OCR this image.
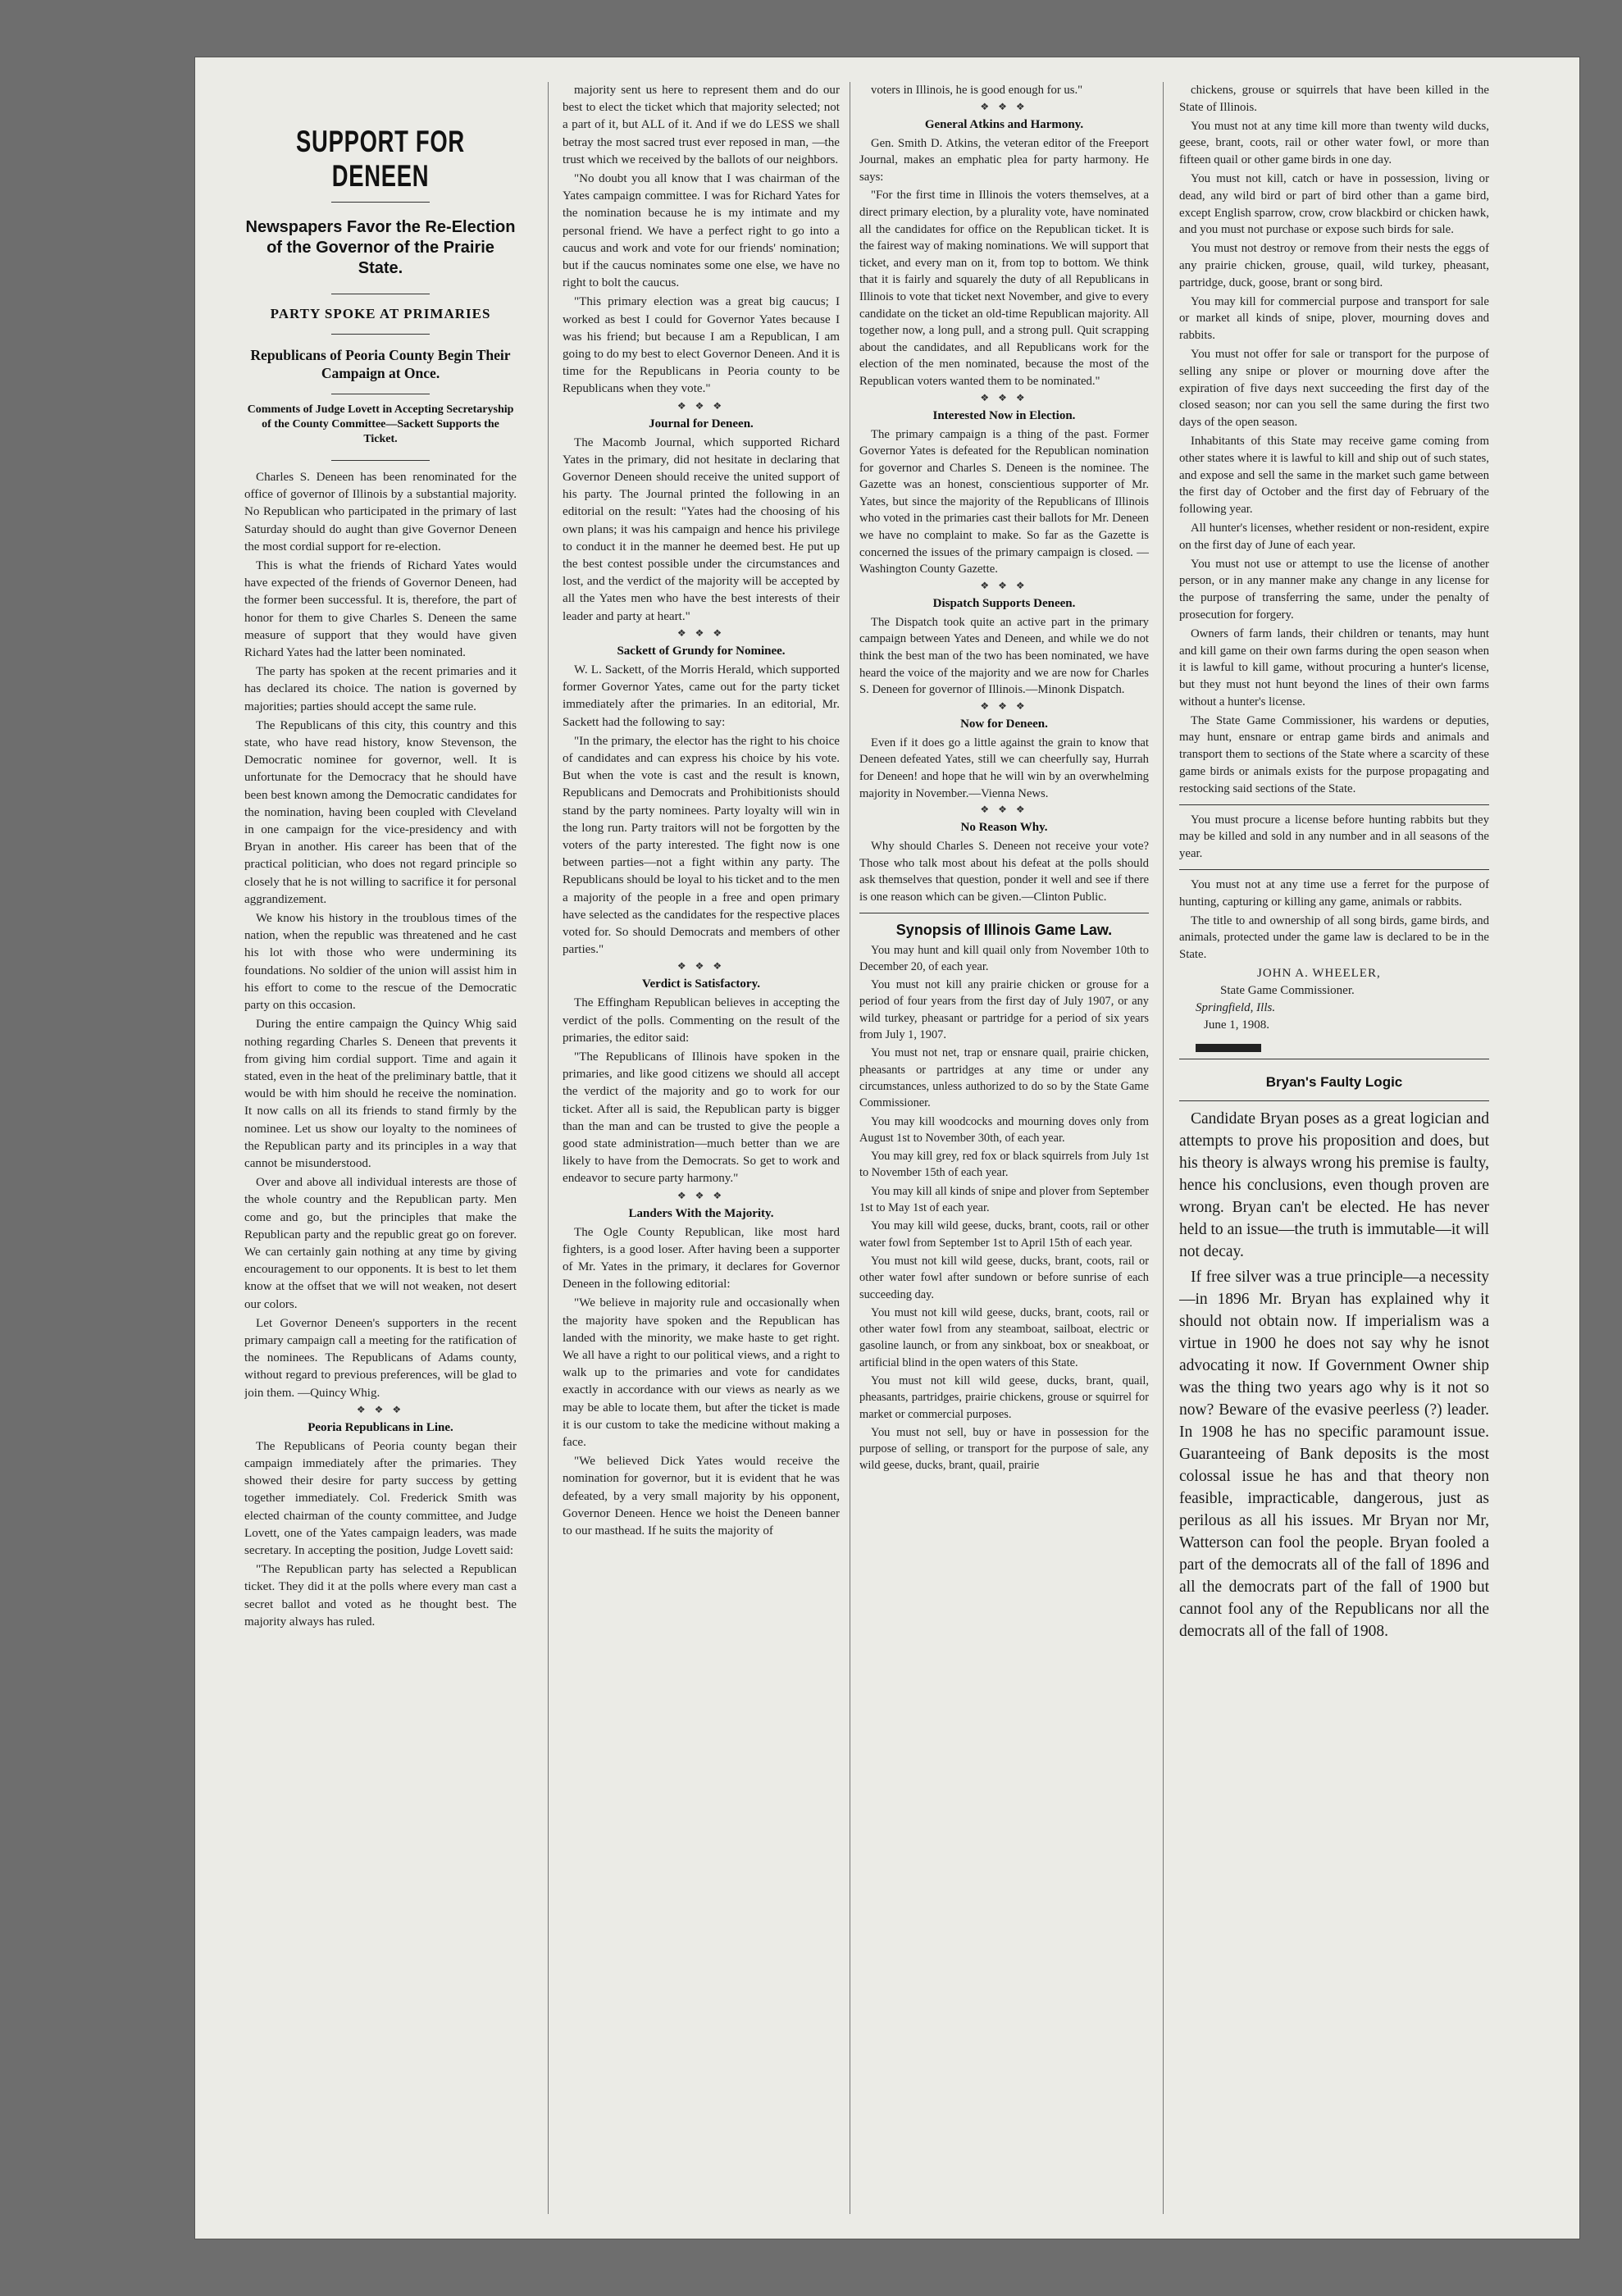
SUPPORT FOR DENEEN
Newspapers Favor the Re-Election of the Governor of the Prairie State.
PARTY SPOKE AT PRIMARIES
Republicans of Peoria County Begin Their Campaign at Once.
Comments of Judge Lovett in Accepting Secretaryship of the County Committee—Sackett Supports the Ticket.

Charles S. Deneen has been renominated for the office of governor of Illinois by a substantial majority. No Republican who participated in the primary of last Saturday should do aught than give Governor Deneen the most cordial support for re-election.

This is what the friends of Richard Yates would have expected of the friends of Governor Deneen, had the former been successful. It is, therefore, the part of honor for them to give Charles S. Deneen the same measure of support that they would have given Richard Yates had the latter been nominated.

The party has spoken at the recent primaries and it has declared its choice. The nation is governed by majorities; parties should accept the same rule.

The Republicans of this city, this country and this state, who have read history, know Stevenson, the Democratic nominee for governor, well. It is unfortunate for the Democracy that he should have been best known among the Democratic candidates for the nomination, having been coupled with Cleveland in one campaign for the vice-presidency and with Bryan in another. His career has been that of the practical politician, who does not regard principle so closely that he is not willing to sacrifice it for personal aggrandizement.

We know his history in the troublous times of the nation, when the republic was threatened and he cast his lot with those who were undermining its foundations. No soldier of the union will assist him in his effort to come to the rescue of the Democratic party on this occasion.

During the entire campaign the Quincy Whig said nothing regarding Charles S. Deneen that prevents it from giving him cordial support. Time and again it stated, even in the heat of the preliminary battle, that it would be with him should he receive the nomination. It now calls on all its friends to stand firmly by the nominee. Let us show our loyalty to the nominees of the Republican party and its principles in a way that cannot be misunderstood.

Over and above all individual interests are those of the whole country and the Republican party. Men come and go, but the principles that make the Republican party and the republic great go on forever. We can certainly gain nothing at any time by giving encouragement to our opponents. It is best to let them know at the offset that we will not weaken, not desert our colors.

Let Governor Deneen's supporters in the recent primary campaign call a meeting for the ratification of the nominees. The Republicans of Adams county, without regard to previous preferences, will be glad to join them. —Quincy Whig.

❖ ❖ ❖
Peoria Republicans in Line.

The Republicans of Peoria county began their campaign immediately after the primaries. They showed their desire for party success by getting together immediately. Col. Frederick Smith was elected chairman of the county committee, and Judge Lovett, one of the Yates campaign leaders, was made secretary. In accepting the position, Judge Lovett said:

"The Republican party has selected a Republican ticket. They did it at the polls where every man cast a secret ballot and voted as he thought best. The majority always has ruled.

majority sent us here to represent them and do our best to elect the ticket which that majority selected; not a part of it, but ALL of it. And if we do LESS we shall betray the most sacred trust ever reposed in man, —the trust which we received by the ballots of our neighbors.

"No doubt you all know that I was chairman of the Yates campaign committee. I was for Richard Yates for the nomination because he is my intimate and my personal friend. We have a perfect right to go into a caucus and work and vote for our friends' nomination; but if the caucus nominates some one else, we have no right to bolt the caucus.

"This primary election was a great big caucus; I worked as best I could for Governor Yates because I was his friend; but because I am a Republican, I am going to do my best to elect Governor Deneen. And it is time for the Republicans in Peoria county to be Republicans when they vote."

❖ ❖ ❖
Journal for Deneen.

The Macomb Journal, which supported Richard Yates in the primary, did not hesitate in declaring that Governor Deneen should receive the united support of his party. The Journal printed the following in an editorial on the result: "Yates had the choosing of his own plans; it was his campaign and hence his privilege to conduct it in the manner he deemed best. He put up the best contest possible under the circumstances and lost, and the verdict of the majority will be accepted by all the Yates men who have the best interests of their leader and party at heart."

❖ ❖ ❖
Sackett of Grundy for Nominee.

W. L. Sackett, of the Morris Herald, which supported former Governor Yates, came out for the party ticket immediately after the primaries. In an editorial, Mr. Sackett had the following to say:

"In the primary, the elector has the right to his choice of candidates and can express his choice by his vote. But when the vote is cast and the result is known, Republicans and Democrats and Prohibitionists should stand by the party nominees. Party loyalty will win in the long run. Party traitors will not be forgotten by the voters of the party interested. The fight now is one between parties—not a fight within any party. The Republicans should be loyal to his ticket and to the men a majority of the people in a free and open primary have selected as the candidates for the respective places voted for. So should Democrats and members of other parties."

❖ ❖ ❖
Verdict is Satisfactory.

The Effingham Republican believes in accepting the verdict of the polls. Commenting on the result of the primaries, the editor said:

"The Republicans of Illinois have spoken in the primaries, and like good citizens we should all accept the verdict of the majority and go to work for our ticket. After all is said, the Republican party is bigger than the man and can be trusted to give the people a good state administration—much better than we are likely to have from the Democrats. So get to work and endeavor to secure party harmony."

❖ ❖ ❖
Landers With the Majority.

The Ogle County Republican, like most hard fighters, is a good loser. After having been a supporter of Mr. Yates in the primary, it declares for Governor Deneen in the following editorial:

"We believe in majority rule and occasionally when the majority have spoken and the Republican has landed with the minority, we make haste to get right. We all have a right to our political views, and a right to walk up to the primaries and vote for candidates exactly in accordance with our views as nearly as we may be able to locate them, but after the ticket is made it is our custom to take the medicine without making a face.

"We believed Dick Yates would receive the nomination for governor, but it is evident that he was defeated, by a very small majority by his opponent, Governor Deneen. Hence we hoist the Deneen banner to our masthead. If he suits the majority of

voters in Illinois, he is good enough for us."

❖ ❖ ❖
General Atkins and Harmony.

Gen. Smith D. Atkins, the veteran editor of the Freeport Journal, makes an emphatic plea for party harmony. He says:

"For the first time in Illinois the voters themselves, at a direct primary election, by a plurality vote, have nominated all the candidates for office on the Republican ticket. It is the fairest way of making nominations. We will support that ticket, and every man on it, from top to bottom. We think that it is fairly and squarely the duty of all Republicans in Illinois to vote that ticket next November, and give to every candidate on the ticket an old-time Republican majority. All together now, a long pull, and a strong pull. Quit scrapping about the candidates, and all Republicans work for the election of the men nominated, because the most of the Republican voters wanted them to be nominated."

❖ ❖ ❖
Interested Now in Election.

The primary campaign is a thing of the past. Former Governor Yates is defeated for the Republican nomination for governor and Charles S. Deneen is the nominee. The Gazette was an honest, conscientious supporter of Mr. Yates, but since the majority of the Republicans of Illinois who voted in the primaries cast their ballots for Mr. Deneen we have no complaint to make. So far as the Gazette is concerned the issues of the primary campaign is closed. — Washington County Gazette.

❖ ❖ ❖
Dispatch Supports Deneen.

The Dispatch took quite an active part in the primary campaign between Yates and Deneen, and while we do not think the best man of the two has been nominated, we have heard the voice of the majority and we are now for Charles S. Deneen for governor of Illinois.—Minonk Dispatch.

❖ ❖ ❖
Now for Deneen.

Even if it does go a little against the grain to know that Deneen defeated Yates, still we can cheerfully say, Hurrah for Deneen! and hope that he will win by an overwhelming majority in November.—Vienna News.

❖ ❖ ❖
No Reason Why.

Why should Charles S. Deneen not receive your vote? Those who talk most about his defeat at the polls should ask themselves that question, ponder it well and see if there is one reason which can be given.—Clinton Public.

Synopsis of Illinois Game Law.

You may hunt and kill quail only from November 10th to December 20, of each year.

You must not kill any prairie chicken or grouse for a period of four years from the first day of July 1907, or any wild turkey, pheasant or partridge for a period of six years from July 1, 1907.

You must not net, trap or ensnare quail, prairie chicken, pheasants or partridges at any time or under any circumstances, unless authorized to do so by the State Game Commissioner.

You may kill woodcocks and mourning doves only from August 1st to November 30th, of each year.

You may kill grey, red fox or black squirrels from July 1st to November 15th of each year.

You may kill all kinds of snipe and plover from September 1st to May 1st of each year.

You may kill wild geese, ducks, brant, coots, rail or other water fowl from September 1st to April 15th of each year.

You must not kill wild geese, ducks, brant, coots, rail or other water fowl after sundown or before sunrise of each succeeding day.

You must not kill wild geese, ducks, brant, coots, rail or other water fowl from any steamboat, sailboat, electric or gasoline launch, or from any sinkboat, box or sneakboat, or artificial blind in the open waters of this State.

You must not kill wild geese, ducks, brant, quail, pheasants, partridges, prairie chickens, grouse or squirrel for market or commercial purposes.

You must not sell, buy or have in possession for the purpose of selling, or transport for the purpose of sale, any wild geese, ducks, brant, quail, prairie

chickens, grouse or squirrels that have been killed in the State of Illinois.

You must not at any time kill more than twenty wild ducks, geese, brant, coots, rail or other water fowl, or more than fifteen quail or other game birds in one day.

You must not kill, catch or have in possession, living or dead, any wild bird or part of bird other than a game bird, except English sparrow, crow, crow blackbird or chicken hawk, and you must not purchase or expose such birds for sale.

You must not destroy or remove from their nests the eggs of any prairie chicken, grouse, quail, wild turkey, pheasant, partridge, duck, goose, brant or song bird.

You may kill for commercial purpose and transport for sale or market all kinds of snipe, plover, mourning doves and rabbits.

You must not offer for sale or transport for the purpose of selling any snipe or plover or mourning dove after the expiration of five days next succeeding the first day of the closed season; nor can you sell the same during the first two days of the open season.

Inhabitants of this State may receive game coming from other states where it is lawful to kill and ship out of such states, and expose and sell the same in the market such game between the first day of October and the first day of February of the following year.

All hunter's licenses, whether resident or non-resident, expire on the first day of June of each year.

You must not use or attempt to use the license of another person, or in any manner make any change in any license for the purpose of transferring the same, under the penalty of prosecution for forgery.

Owners of farm lands, their children or tenants, may hunt and kill game on their own farms during the open season when it is lawful to kill game, without procuring a hunter's license, but they must not hunt beyond the lines of their own farms without a hunter's license.

The State Game Commissioner, his wardens or deputies, may hunt, ensnare or entrap game birds and animals and transport them to sections of the State where a scarcity of these game birds or animals exists for the purpose propagating and restocking said sections of the State.

You must procure a license before hunting rabbits but they may be killed and sold in any number and in all seasons of the year.

You must not at any time use a ferret for the purpose of hunting, capturing or killing any game, animals or rabbits.

The title to and ownership of all song birds, game birds, and animals, protected under the game law is declared to be in the State.

JOHN A. WHEELER,
State Game Commissioner.
Springfield, Ills.
June 1, 1908.
Bryan's Faulty Logic

Candidate Bryan poses as a great logician and attempts to prove his proposition and does, but his theory is always wrong his premise is faulty, hence his conclusions, even though proven are wrong. Bryan can't be elected. He has never held to an issue—the truth is immutable—it will not decay.

If free silver was a true principle—a necessity—in 1896 Mr. Bryan has explained why it should not obtain now. If imperialism was a virtue in 1900 he does not say why he isnot advocating it now. If Government Owner ship was the thing two years ago why is it not so now? Beware of the evasive peerless (?) leader. In 1908 he has no specific paramount issue. Guaranteeing of Bank deposits is the most colossal issue he has and that theory non feasible, impracticable, dangerous, just as perilous as all his issues. Mr Bryan nor Mr, Watterson can fool the people. Bryan fooled a part of the democrats all of the fall of 1896 and all the democrats part of the fall of 1900 but cannot fool any of the Republicans nor all the democrats all of the fall of 1908.
